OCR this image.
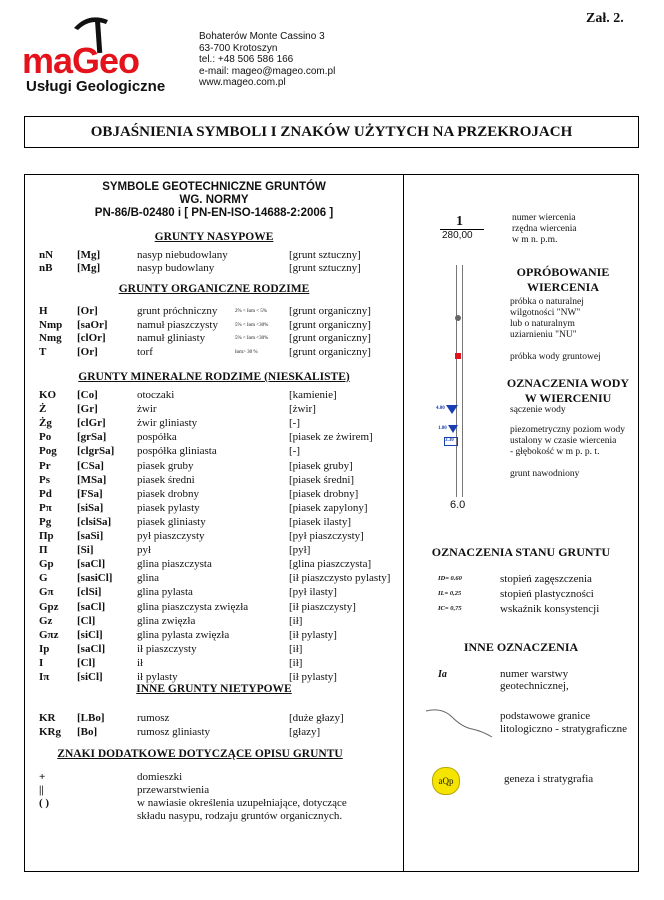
Zał. 2.
maGeo
Usługi Geologiczne
Bohaterów Monte Cassino 3
63-700 Krotoszyn
tel.: +48 506 586 166
e-mail: mageo@mageo.com.pl
www.mageo.com.pl
OBJAŚNIENIA SYMBOLI I ZNAKÓW UŻYTYCH NA PRZEKROJACH
SYMBOLE GEOTECHNICZNE GRUNTÓW
WG. NORMY
PN-86/B-02480 i [ PN-EN-ISO-14688-2:2006 ]
GRUNTY NASYPOWE
nN [Mg]	nasyp niebudowlany	[grunt sztuczny]
nB [Mg]	nasyp budowlany	[grunt sztuczny]
GRUNTY ORGANICZNE RODZIME
H	[Or]	grunt próchniczny	2% < Iom < 5% [grunt organiczny]
Nmp [saOr]	namuł piaszczysty	5% < Iom <30% [grunt organiczny]
Nmg [clOr]	namuł gliniasty	5% < Iom <30% [grunt organiczny]
T	[Or]	torf	Iom> 30 %	[grunt organiczny]
GRUNTY MINERALNE RODZIME (NIESKALISTE)
KO [Co]	otoczaki	[kamienie]
Ż	[Gr]	żwir	[żwir]
Żg [clGr]	żwir gliniasty	[-]
Po [grSa]	pospółka	[piasek ze żwirem]
Pog [clgrSa] pospółka gliniasta	[-]
Pr [CSa]	piasek gruby	[piasek gruby]
Ps [MSa]	piasek średni	[piasek średni]
Pd [FSa]	piasek drobny	[piasek drobny]
Pπ [siSa]	piasek pylasty	[piasek zapylony]
Pg [clsiSa] piasek gliniasty	[piasek ilasty]
Πp [saSi]	pył piaszczysty	[pył piaszczysty]
Π	[Si]	pył	[pył]
Gp [saCl]	glina piaszczysta	[glina piaszczysta]
G	[sasiCl] glina	[ił piaszczysto pylasty]
Gπ [clSi]	glina pylasta	[pył ilasty]
Gpz [saCl]	glina piaszczysta zwięzła	[ił piaszczysty]
Gz [Cl]	glina zwięzła	[ił]
Gπz [siCl]	glina pylasta zwięzła	[ił pylasty]
Ip	[saCl]	ił piaszczysty	[ił]
I	[Cl]	ił	[ił]
Iπ	[siCl]	ił pylasty	[ił pylasty]
INNE GRUNTY NIETYPOWE
KR [LBo]	rumosz	[duże głazy]
KRg [Bo]	rumosz gliniasty	[głazy]
ZNAKI DODATKOWE DOTYCZĄCE OPISU GRUNTU
+	domieszki
||	przewarstwienia
( )	w nawiasie określenia uzupełniające, dotyczące
składu nasypu, rodzaju gruntów organicznych.
1
280,00
numer wiercenia
rzędna wiercenia
w m n. p.m.
4.00
1.80
3.30
6.0
OPRÓBOWANIE
WIERCENIA
próbka o naturalnej
wilgotności "NW"
lub o naturalnym
uziarnieniu "NU"
próbka wody gruntowej
OZNACZENIA WODY
W WIERCENIU
sączenie wody
piezometryczny poziom wody
ustalony w czasie wiercenia
- głębokość w m p. p. t.
grunt nawodniony
OZNACZENIA STANU GRUNTU
ID= 0.60	stopień zagęszczenia
IL= 0,25	stopień plastyczności
IC= 0,75	wskaźnik konsystencji
INNE OZNACZENIA
Ia	numer warstwy geotechnicznej,
podstawowe granice
litologiczno - stratygraficzne
aQp	geneza i stratygrafia
